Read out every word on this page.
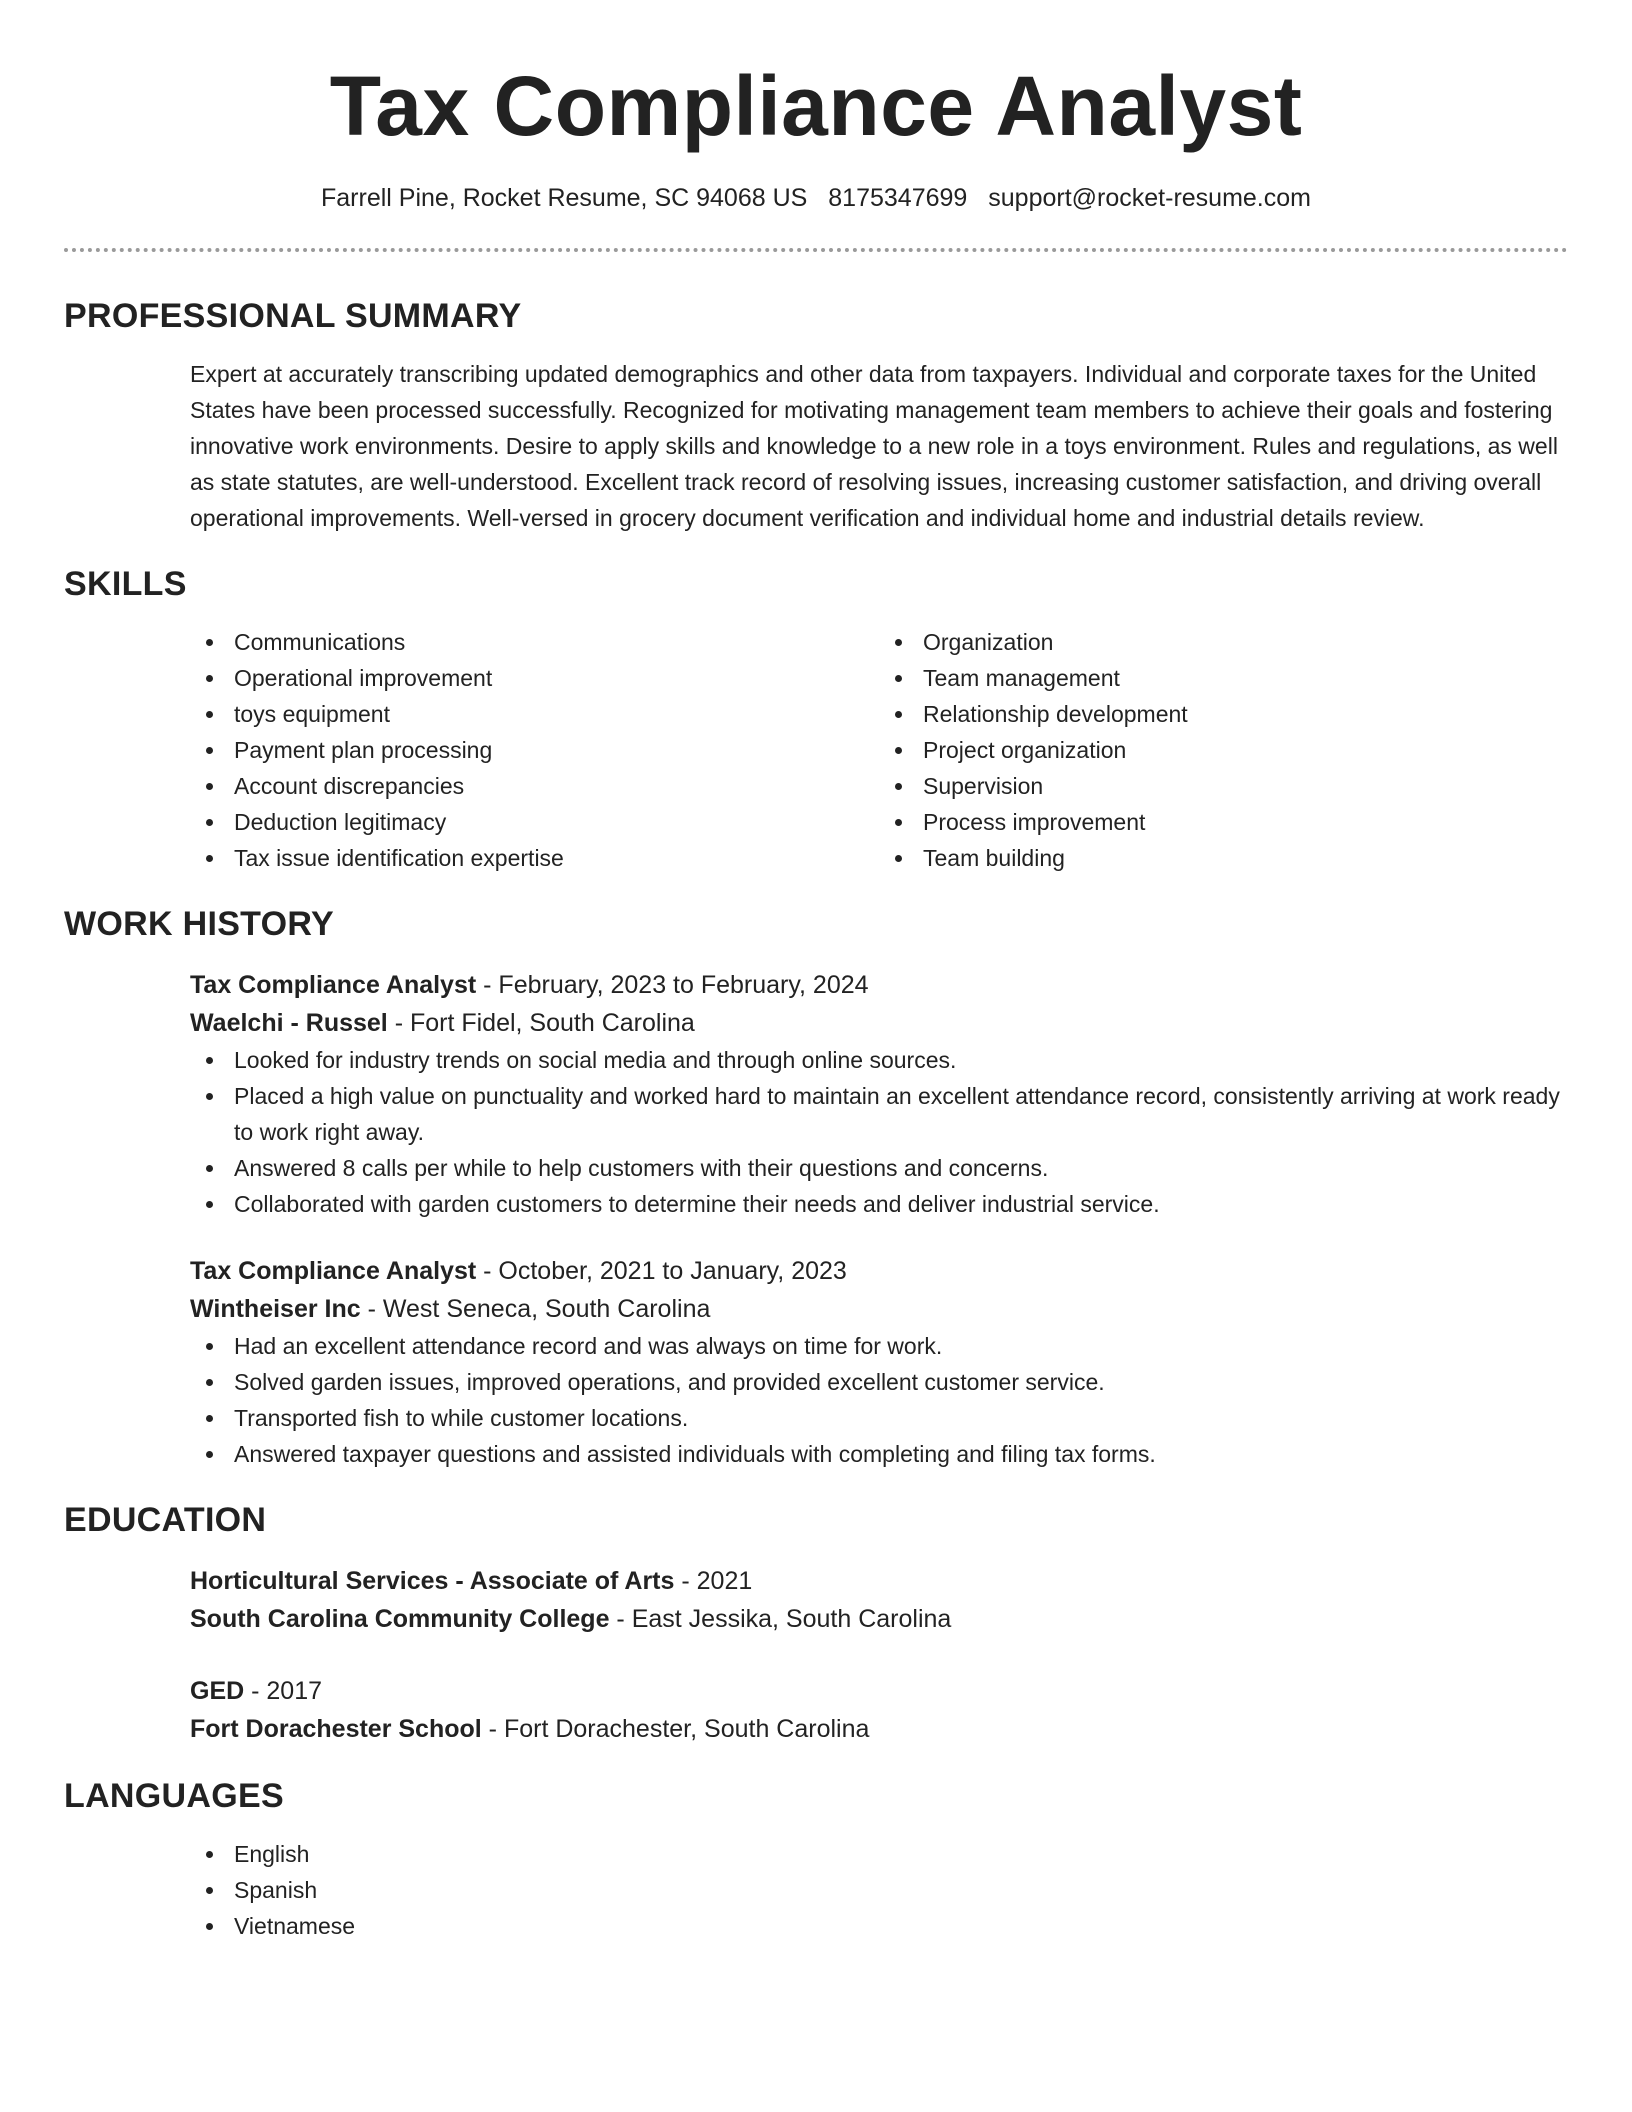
Tax Compliance Analyst
Farrell Pine, Rocket Resume, SC 94068 US 8175347699 support@rocket-resume.com
PROFESSIONAL SUMMARY
Expert at accurately transcribing updated demographics and other data from taxpayers. Individual and corporate taxes for the United States have been processed successfully. Recognized for motivating management team members to achieve their goals and fostering innovative work environments. Desire to apply skills and knowledge to a new role in a toys environment. Rules and regulations, as well as state statutes, are well-understood. Excellent track record of resolving issues, increasing customer satisfaction, and driving overall operational improvements. Well-versed in grocery document verification and individual home and industrial details review.
SKILLS
Communications
Operational improvement
toys equipment
Payment plan processing
Account discrepancies
Deduction legitimacy
Tax issue identification expertise
Organization
Team management
Relationship development
Project organization
Supervision
Process improvement
Team building
WORK HISTORY
Tax Compliance Analyst - February, 2023 to February, 2024
Waelchi - Russel - Fort Fidel, South Carolina
Looked for industry trends on social media and through online sources.
Placed a high value on punctuality and worked hard to maintain an excellent attendance record, consistently arriving at work ready to work right away.
Answered 8 calls per while to help customers with their questions and concerns.
Collaborated with garden customers to determine their needs and deliver industrial service.
Tax Compliance Analyst - October, 2021 to January, 2023
Wintheiser Inc - West Seneca, South Carolina
Had an excellent attendance record and was always on time for work.
Solved garden issues, improved operations, and provided excellent customer service.
Transported fish to while customer locations.
Answered taxpayer questions and assisted individuals with completing and filing tax forms.
EDUCATION
Horticultural Services - Associate of Arts - 2021
South Carolina Community College - East Jessika, South Carolina
GED - 2017
Fort Dorachester School - Fort Dorachester, South Carolina
LANGUAGES
English
Spanish
Vietnamese
